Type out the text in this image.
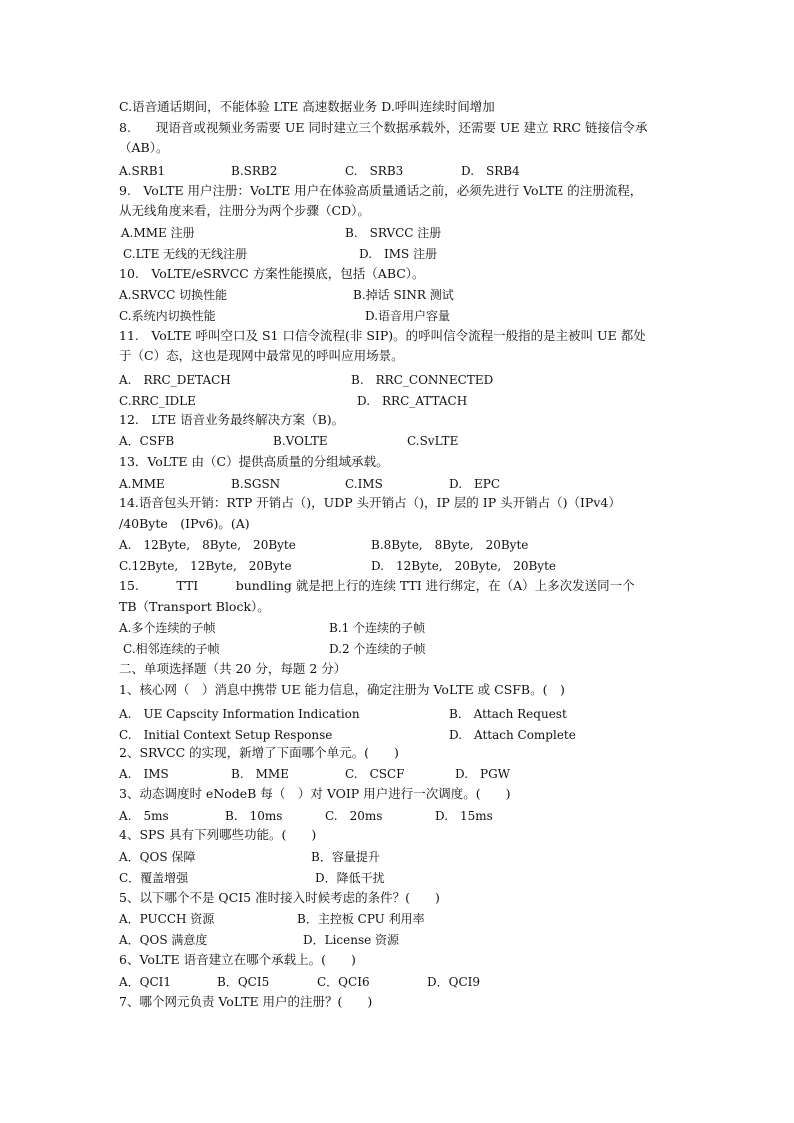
C.语音通话期间，不能体验 LTE 高速数据业务 D.呼叫连续时间增加
8.　　现语音或视频业务需要 UE 同时建立三个数据承载外，还需要 UE 建立 RRC 链接信令承
（AB）。
A.SRB1	B.SRB2	C.　SRB3	D.　SRB4
9.　VoLTE 用户注册：VoLTE 用户在体验高质量通话之前，必须先进行 VoLTE 的注册流程，
从无线角度来看，注册分为两个步骤（CD）。
A.MME 注册	B.　SRVCC 注册
C.LTE 无线的无线注册	D.　IMS 注册
10.　VoLTE/eSRVCC 方案性能摸底，包括（ABC）。
A.SRVCC 切换性能	B.掉话 SINR 测试
C.系统内切换性能	D.语音用户容量
11.　VoLTE 呼叫空口及 S1 口信令流程(非 SIP)。的呼叫信令流程一般指的是主被叫 UE 都处
于（C）态，这也是现网中最常见的呼叫应用场景。
A.　RRC_DETACH	B.　RRC_CONNECTED
C.RRC_IDLE	D.　RRC_ATTACH
12.　LTE 语音业务最终解决方案（B)。
A．CSFB	B.VOLTE	C.SvLTE
13．VoLTE 由（C）提供高质量的分组域承载。
A.MME	B.SGSN	C.IMS	D.　EPC
14.语音包头开销：RTP 开销占（)，UDP 头开销占（)，IP 层的 IP 头开销占（)（IPv4）
/40Byte　(IPv6)。(A)
A.　12Byte,　8Byte,　20Byte	B.8Byte,　8Byte,　20Byte
C.12Byte,　12Byte,　20Byte	D.　12Byte,　20Byte,　20Byte
15.　　　TTI　　　bundling 就是把上行的连续 TTI 进行绑定，在（A）上多次发送同一个
TB（Transport Block）。
A.多个连续的子帧	B.1 个连续的子帧
C.相邻连续的子帧	D.2 个连续的子帧
二、单项选择题（共 20 分，每题 2 分）
1、核心网（　）消息中携带 UE 能力信息，确定注册为 VoLTE 或 CSFB。(　)
A.　UE Capscity Information Indication	B.　Attach Request
C.　Initial Context Setup Response	D.　Attach Complete
2、SRVCC 的实现，新增了下面哪个单元。(　　)
A.　IMS	B.　MME	C.　CSCF	D.　PGW
3、动态调度时 eNodeB 每（　）对 VOIP 用户进行一次调度。(　　)
A.　5ms	B.　10ms	C.　20ms	D.　15ms
4、SPS 具有下列哪些功能。(　　)
A．QOS 保障	B．容量提升
C．覆盖增强	D．降低干扰
5、以下哪个不是 QCI5 准时接入时候考虑的条件？(　　)
A．PUCCH 资源	B．主控板 CPU 利用率
A．QOS 满意度	D．License 资源
6、VoLTE 语音建立在哪个承载上。(　　)
A．QCI1	B．QCI5	C．QCI6	D．QCI9
7、哪个网元负责 VoLTE 用户的注册？(　　)
